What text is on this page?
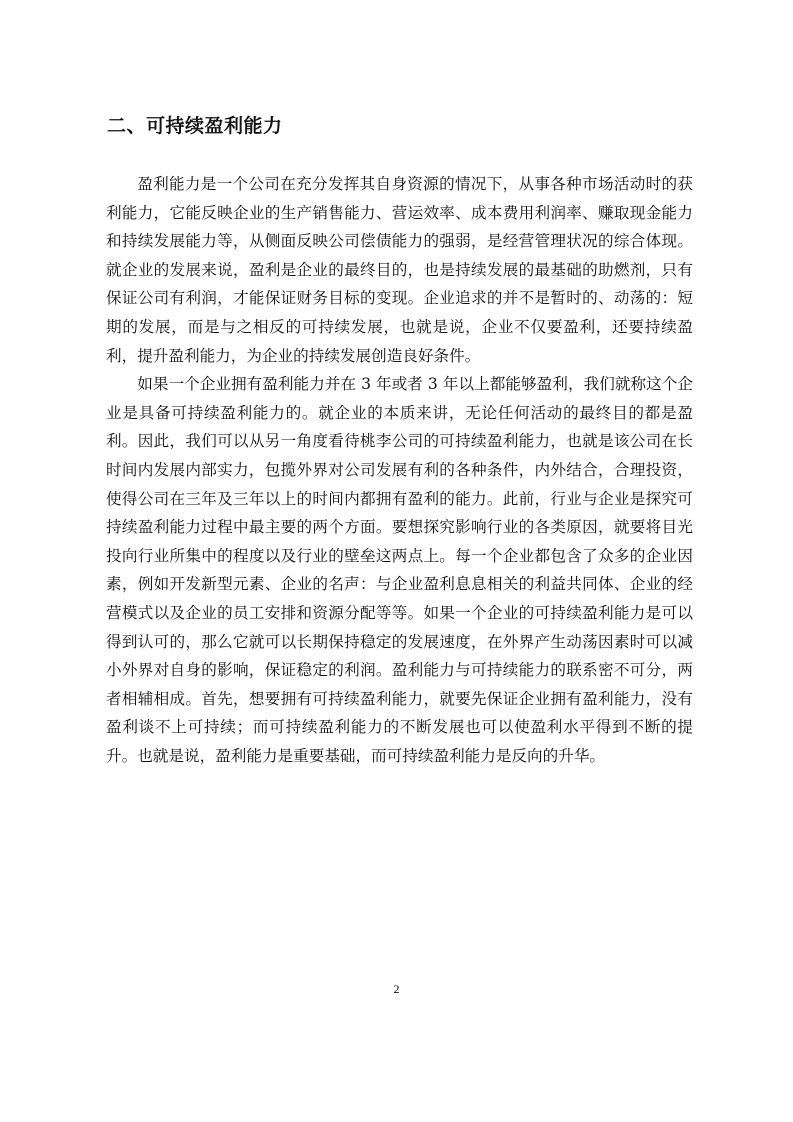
二、可持续盈利能力

盈利能力是一个公司在充分发挥其自身资源的情况下，从事各种市场活动时的获利能力，它能反映企业的生产销售能力、营运效率、成本费用利润率、赚取现金能力和持续发展能力等，从侧面反映公司偿债能力的强弱，是经营管理状况的综合体现。就企业的发展来说，盈利是企业的最终目的，也是持续发展的最基础的助燃剂，只有保证公司有利润，才能保证财务目标的变现。企业追求的并不是暂时的、动荡的：短期的发展，而是与之相反的可持续发展，也就是说，企业不仅要盈利，还要持续盈利，提升盈利能力，为企业的持续发展创造良好条件。

如果一个企业拥有盈利能力并在 3 年或者 3 年以上都能够盈利，我们就称这个企业是具备可持续盈利能力的。就企业的本质来讲，无论任何活动的最终目的都是盈利。因此，我们可以从另一角度看待桃李公司的可持续盈利能力，也就是该公司在长时间内发展内部实力，包揽外界对公司发展有利的各种条件，内外结合，合理投资，使得公司在三年及三年以上的时间内都拥有盈利的能力。此前，行业与企业是探究可持续盈利能力过程中最主要的两个方面。要想探究影响行业的各类原因，就要将目光投向行业所集中的程度以及行业的壁垒这两点上。每一个企业都包含了众多的企业因素，例如开发新型元素、企业的名声：与企业盈利息息相关的利益共同体、企业的经营模式以及企业的员工安排和资源分配等等。如果一个企业的可持续盈利能力是可以得到认可的，那么它就可以长期保持稳定的发展速度，在外界产生动荡因素时可以减小外界对自身的影响，保证稳定的利润。盈利能力与可持续能力的联系密不可分，两者相辅相成。首先，想要拥有可持续盈利能力，就要先保证企业拥有盈利能力，没有盈利谈不上可持续；而可持续盈利能力的不断发展也可以使盈利水平得到不断的提升。也就是说，盈利能力是重要基础，而可持续盈利能力是反向的升华。

2
